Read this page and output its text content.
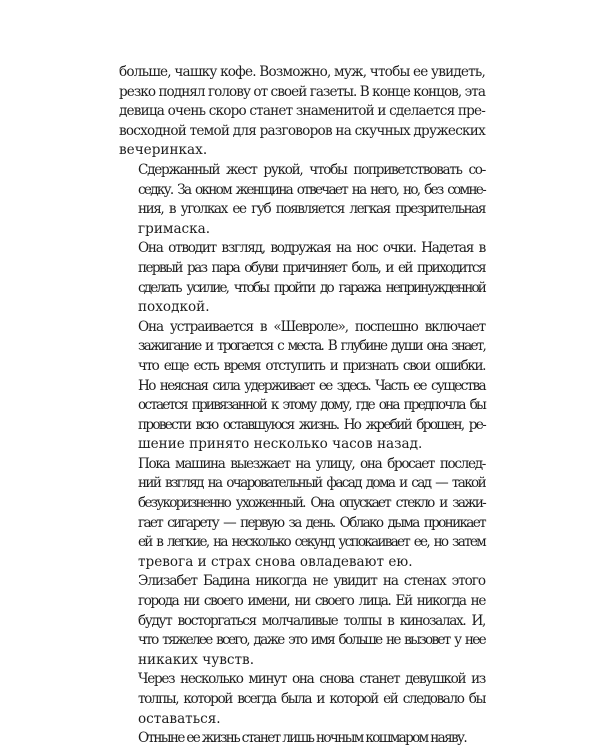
больше, чашку кофе. Возможно, муж, чтобы ее увидеть,
резко поднял голову от своей газеты. В конце концов, эта
девица очень скоро станет знаменитой и сделается пре-
восходной темой для разговоров на скучных дружеских
вечеринках.

Сдержанный жест рукой, чтобы поприветствовать со-
седку. За окном женщина отвечает на него, но, без сомне-
ния, в уголках ее губ появляется легкая презрительная
гримаска.

Она отводит взгляд, водружая на нос очки. Надетая в
первый раз пара обуви причиняет боль, и ей приходится
сделать усилие, чтобы пройти до гаража непринужденной
походкой.

Она устраивается в «Шевроле», поспешно включает
зажигание и трогается с места. В глубине души она знает,
что еще есть время отступить и признать свои ошибки.
Но неясная сила удерживает ее здесь. Часть ее существа
остается привязанной к этому дому, где она предпочла бы
провести всю оставшуюся жизнь. Но жребий брошен, ре-
шение принято несколько часов назад.

Пока машина выезжает на улицу, она бросает послед-
ний взгляд на очаровательный фасад дома и сад — такой
безукоризненно ухоженный. Она опускает стекло и зажи-
гает сигарету — первую за день. Облако дыма проникает
ей в легкие, на несколько секунд успокаивает ее, но затем
тревога и страх снова овладевают ею.

Элизабет Бадина никогда не увидит на стенах этого
города ни своего имени, ни своего лица. Ей никогда не
будут восторгаться молчаливые толпы в кинозалах. И,
что тяжелее всего, даже это имя больше не вызовет у нее
никаких чувств.

Через несколько минут она снова станет девушкой из
толпы, которой всегда была и которой ей следовало бы
оставаться.

Отныне ее жизнь станет лишь ночным кошмаром наяву.
